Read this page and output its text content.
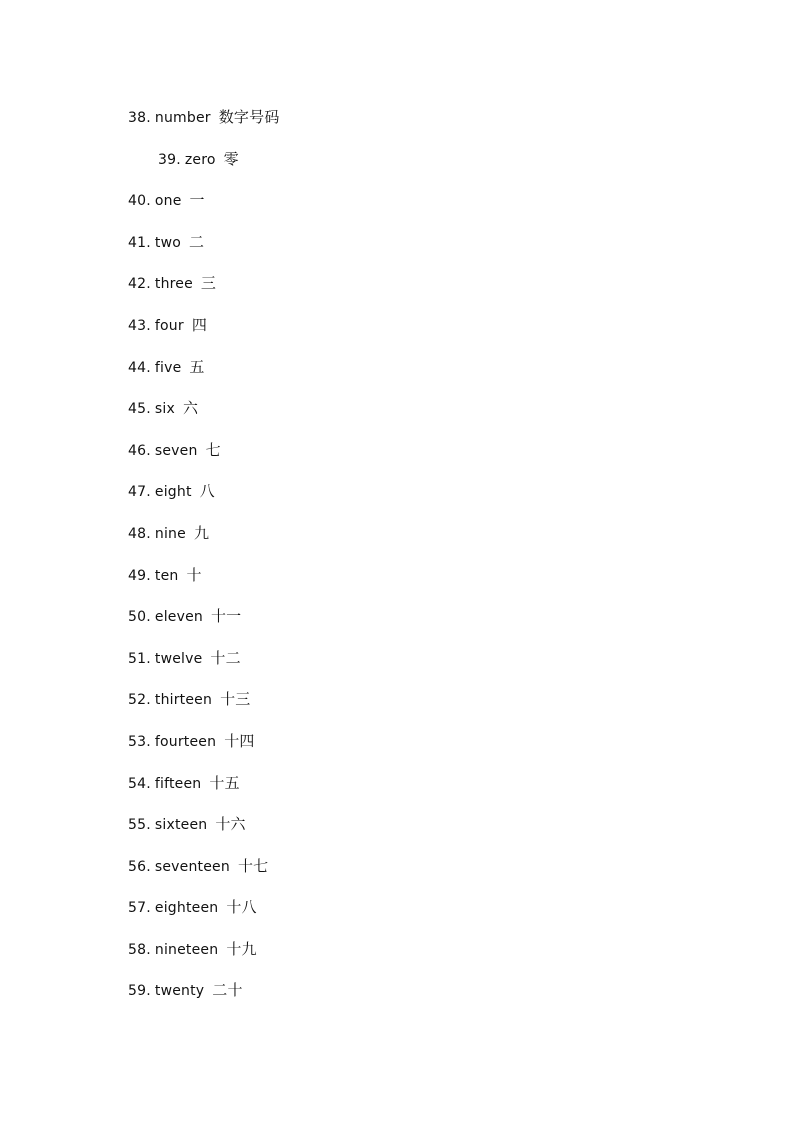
38. number 数字号码
39. zero 零
40. one 一
41. two 二
42. three 三
43. four 四
44. five 五
45. six 六
46. seven 七
47. eight 八
48. nine 九
49. ten 十
50. eleven 十一
51. twelve 十二
52. thirteen 十三
53. fourteen 十四
54. fifteen 十五
55. sixteen 十六
56. seventeen 十七
57. eighteen 十八
58. nineteen 十九
59. twenty 二十
